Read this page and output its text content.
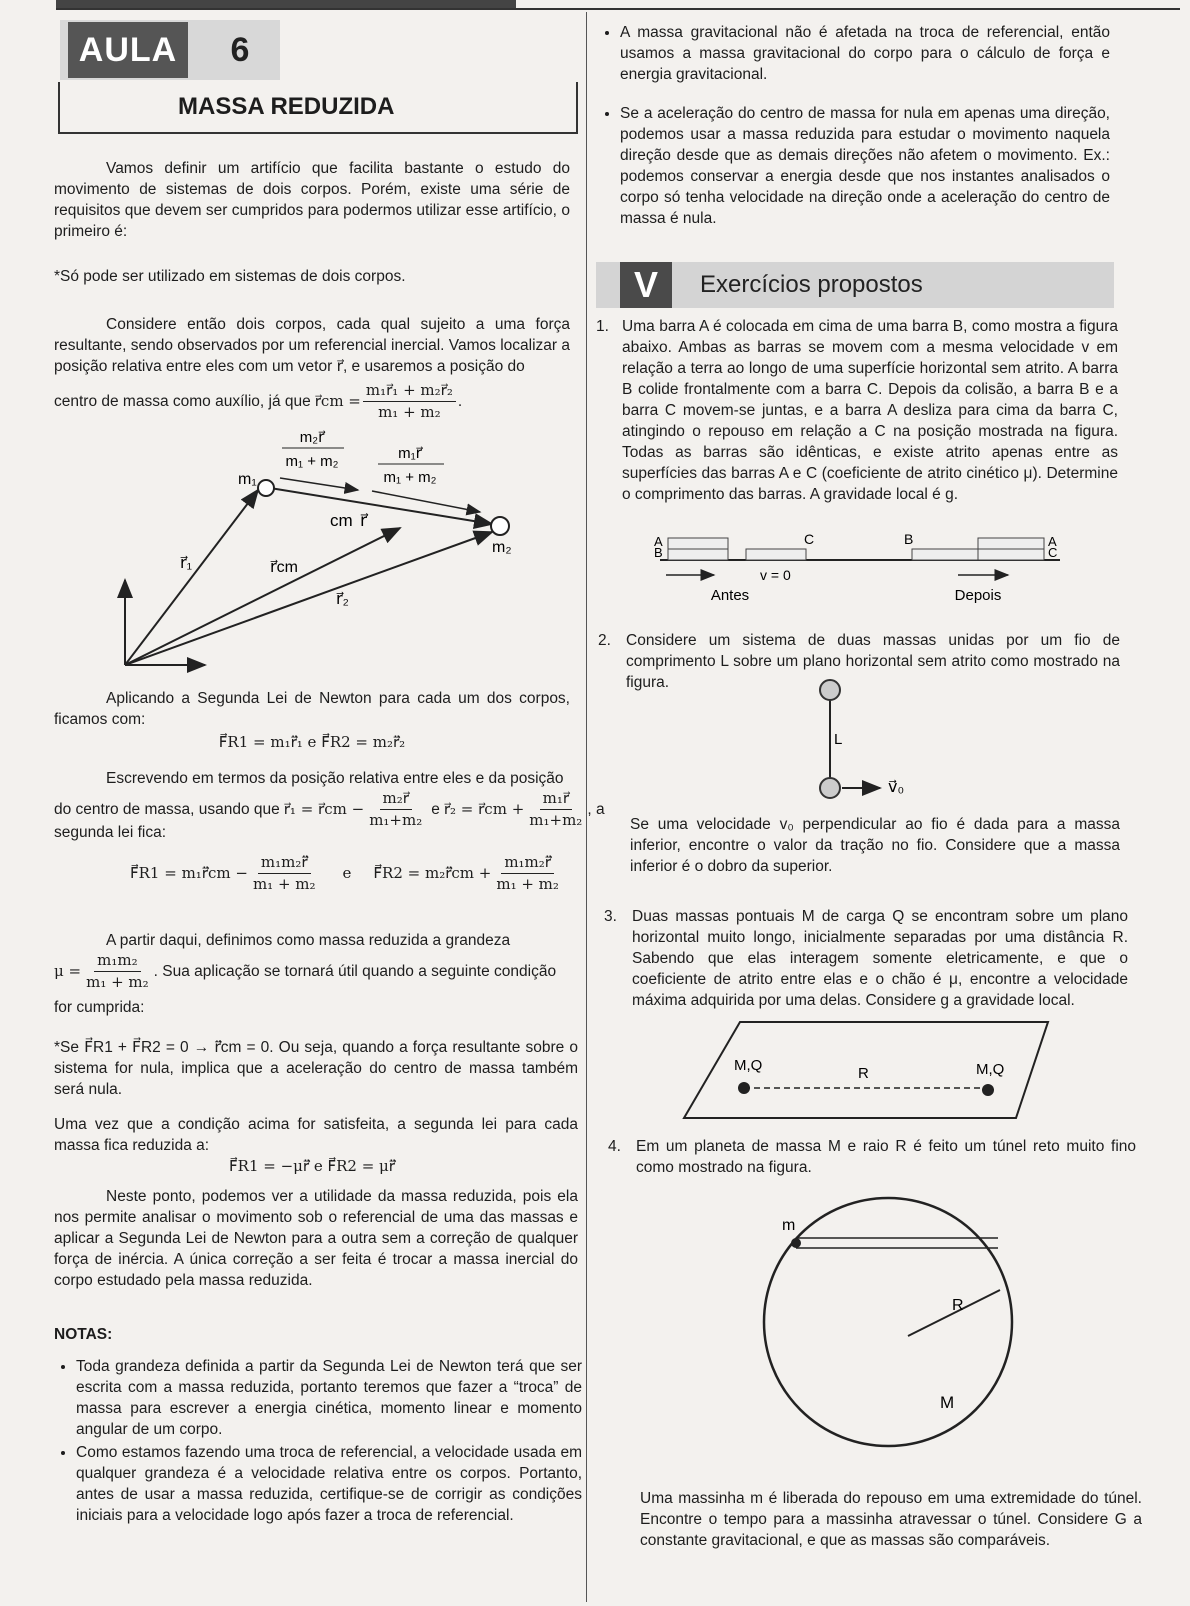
AULA	6
MASSA REDUZIDA
Vamos definir um artifício que facilita bastante o estudo do movimento de sistemas de dois corpos. Porém, existe uma série de requisitos que devem ser cumpridos para podermos utilizar esse artifício, o primeiro é:
*Só pode ser utilizado em sistemas de dois corpos.
Considere então dois corpos, cada qual sujeito a uma força resultante, sendo observados por um referencial inercial. Vamos localizar a posição relativa entre eles com um vetor r⃗, e usaremos a posição do
centro de massa como auxílio, já que r⃗cm = $\frac{\text{m₁r⃗₁ + m₂r⃗₂}}{\text{m₁ + m₂}}$ .
m₂r⃗
m₁ + m₂	m₁r⃗
m₁ + m₂
m₁
m₂
cm r⃗
r⃗₁	r⃗cm
r⃗₂
Aplicando a Segunda Lei de Newton para cada um dos corpos, ficamos com:
F⃗R1 = m₁r̈⃗₁ e F⃗R2 = m₂r̈⃗₂
Escrevendo em termos da posição relativa entre eles e da posição
do centro de massa, usando que r⃗₁ = r⃗cm − $\frac{\text{m₂r⃗}}{\text{m₁+m₂}}$ e r⃗₂ = r⃗cm + $\frac{\text{m₁r⃗}}{\text{m₁+m₂}}$ , a
segunda lei fica:
F⃗R1 = m₁r̈⃗cm − $\frac{\text{m₁m₂r̈⃗}}{\text{m₁ + m₂}}$ e F⃗R2 = m₂r̈⃗cm + $\frac{\text{m₁m₂r̈⃗}}{\text{m₁ + m₂}}$
A partir daqui, definimos como massa reduzida a grandeza
$\mu = \frac{\text{m₁m₂}}{\text{m₁ + m₂}}$ . Sua aplicação se tornará útil quando a seguinte condição
for cumprida:
*Se F⃗R1 + F⃗R2 = 0 → r̈⃗cm = 0. Ou seja, quando a força resultante sobre o sistema for nula, implica que a aceleração do centro de massa também será nula.
Uma vez que a condição acima for satisfeita, a segunda lei para cada massa fica reduzida a:
F⃗R1 = −μr̈⃗ e F⃗R2 = μr̈⃗
Neste ponto, podemos ver a utilidade da massa reduzida, pois ela nos permite analisar o movimento sob o referencial de uma das massas e aplicar a Segunda Lei de Newton para a outra sem a correção de qualquer força de inércia. A única correção a ser feita é trocar a massa inercial do corpo estudado pela massa reduzida.
NOTAS:
• Toda grandeza definida a partir da Segunda Lei de Newton terá que ser escrita com a massa reduzida, portanto teremos que fazer a “troca” de massa para escrever a energia cinética, momento linear e momento angular de um corpo.
• Como estamos fazendo uma troca de referencial, a velocidade usada em qualquer grandeza é a velocidade relativa entre os corpos. Portanto, antes de usar a massa reduzida, certifique-se de corrigir as condições iniciais para a velocidade logo após fazer a troca de referencial.
• A massa gravitacional não é afetada na troca de referencial, então usamos a massa gravitacional do corpo para o cálculo de força e energia gravitacional.
• Se a aceleração do centro de massa for nula em apenas uma direção, podemos usar a massa reduzida para estudar o movimento naquela direção desde que as demais direções não afetem o movimento. Ex.: podemos conservar a energia desde que nos instantes analisados o corpo só tenha velocidade na direção onde a aceleração do centro de massa é nula.
V	Exercícios propostos
1. Uma barra A é colocada em cima de uma barra B, como mostra a figura abaixo. Ambas as barras se movem com a mesma velocidade v em relação a terra ao longo de uma superfície horizontal sem atrito. A barra B colide frontalmente com a barra C. Depois da colisão, a barra B e a barra C movem-se juntas, e a barra A desliza para cima da barra C, atingindo o repouso em relação a C na posição mostrada na figura. Todas as barras são idênticas, e existe atrito apenas entre as superfícies das barras A e C (coeficiente de atrito cinético μ). Determine o comprimento das barras. A gravidade local é g.
A
B
C	B	A
C
v = 0
Antes	Depois
2. Considere um sistema de duas massas unidas por um fio de comprimento L sobre um plano horizontal sem atrito como mostrado na figura.
L
v⃗₀
Se uma velocidade v₀ perpendicular ao fio é dada para a massa inferior, encontre o valor da tração no fio. Considere que a massa inferior é o dobro da superior.
3. Duas massas pontuais M de carga Q se encontram sobre um plano horizontal muito longo, inicialmente separadas por uma distância R. Sabendo que elas interagem somente eletricamente, e que o coeficiente de atrito entre elas e o chão é μ, encontre a velocidade máxima adquirida por uma delas. Considere g a gravidade local.
M,Q	R	M,Q
4. Em um planeta de massa M e raio R é feito um túnel reto muito fino como mostrado na figura.
m
R
M
Uma massinha m é liberada do repouso em uma extremidade do túnel. Encontre o tempo para a massinha atravessar o túnel. Considere G a constante gravitacional, e que as massas são comparáveis.
